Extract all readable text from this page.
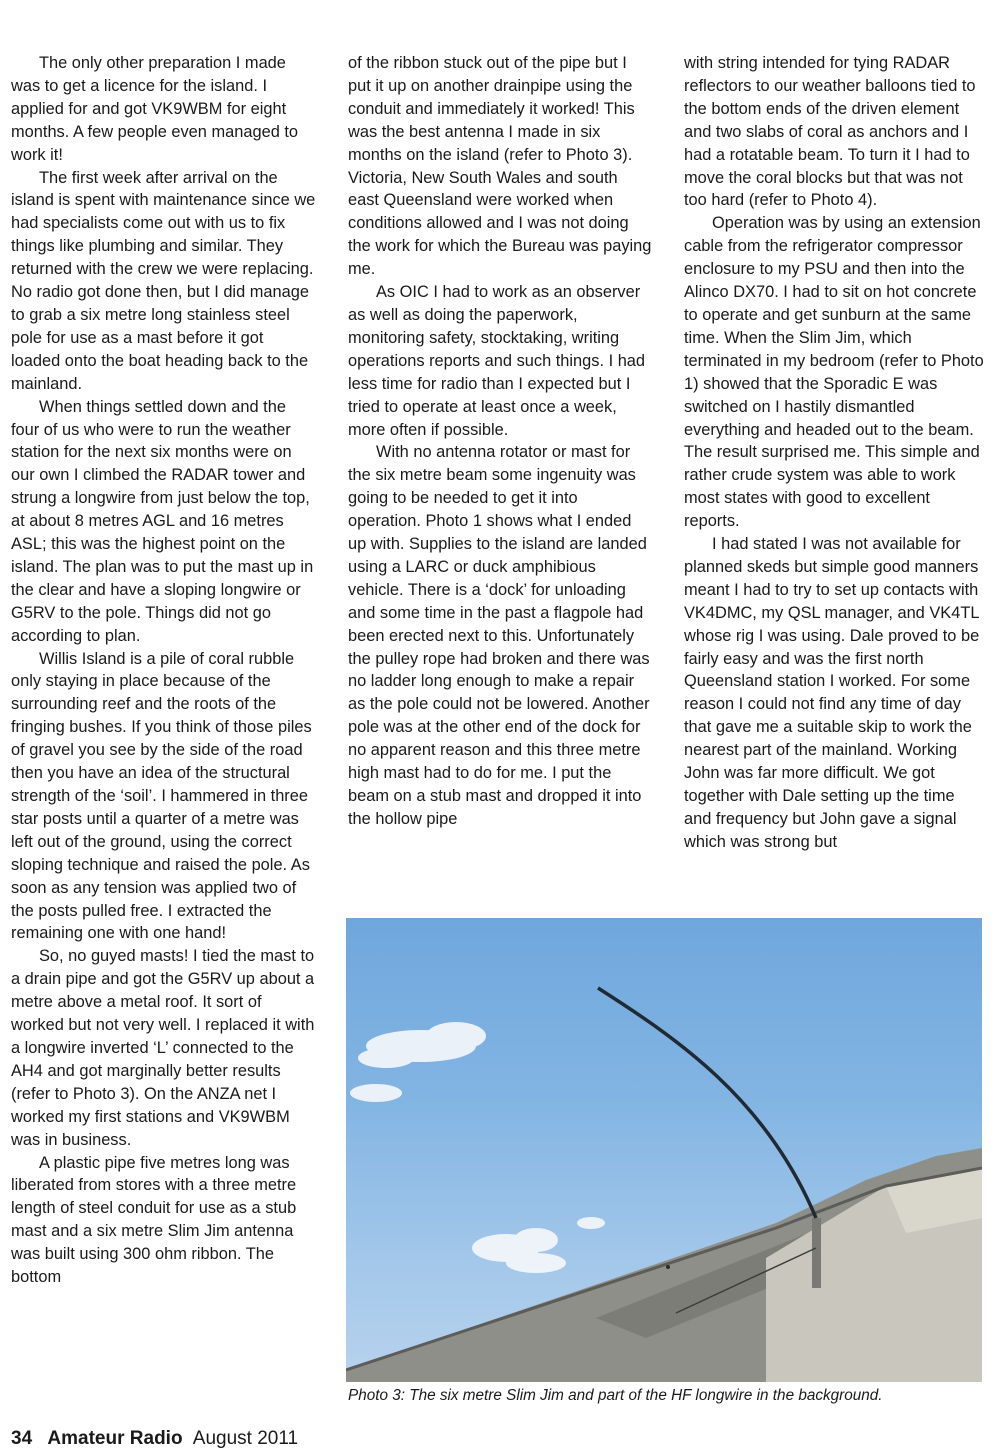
The only other preparation I made was to get a licence for the island. I applied for and got VK9WBM for eight months. A few people even managed to work it!

The first week after arrival on the island is spent with maintenance since we had specialists come out with us to fix things like plumbing and similar. They returned with the crew we were replacing. No radio got done then, but I did manage to grab a six metre long stainless steel pole for use as a mast before it got loaded onto the boat heading back to the mainland.

When things settled down and the four of us who were to run the weather station for the next six months were on our own I climbed the RADAR tower and strung a longwire from just below the top, at about 8 metres AGL and 16 metres ASL; this was the highest point on the island. The plan was to put the mast up in the clear and have a sloping longwire or G5RV to the pole. Things did not go according to plan.

Willis Island is a pile of coral rubble only staying in place because of the surrounding reef and the roots of the fringing bushes. If you think of those piles of gravel you see by the side of the road then you have an idea of the structural strength of the ‘soil’. I hammered in three star posts until a quarter of a metre was left out of the ground, using the correct sloping technique and raised the pole. As soon as any tension was applied two of the posts pulled free. I extracted the remaining one with one hand!

So, no guyed masts! I tied the mast to a drain pipe and got the G5RV up about a metre above a metal roof. It sort of worked but not very well. I replaced it with a longwire inverted ‘L’ connected to the AH4 and got marginally better results (refer to Photo 3). On the ANZA net I worked my first stations and VK9WBM was in business.

A plastic pipe five metres long was liberated from stores with a three metre length of steel conduit for use as a stub mast and a six metre Slim Jim antenna was built using 300 ohm ribbon. The bottom

of the ribbon stuck out of the pipe but I put it up on another drainpipe using the conduit and immediately it worked! This was the best antenna I made in six months on the island (refer to Photo 3). Victoria, New South Wales and south east Queensland were worked when conditions allowed and I was not doing the work for which the Bureau was paying me.

As OIC I had to work as an observer as well as doing the paperwork, monitoring safety, stocktaking, writing operations reports and such things. I had less time for radio than I expected but I tried to operate at least once a week, more often if possible.

With no antenna rotator or mast for the six metre beam some ingenuity was going to be needed to get it into operation. Photo 1 shows what I ended up with. Supplies to the island are landed using a LARC or duck amphibious vehicle. There is a ‘dock’ for unloading and some time in the past a flagpole had been erected next to this. Unfortunately the pulley rope had broken and there was no ladder long enough to make a repair as the pole could not be lowered. Another pole was at the other end of the dock for no apparent reason and this three metre high mast had to do for me. I put the beam on a stub mast and dropped it into the hollow pipe

with string intended for tying RADAR reflectors to our weather balloons tied to the bottom ends of the driven element and two slabs of coral as anchors and I had a rotatable beam. To turn it I had to move the coral blocks but that was not too hard (refer to Photo 4).

Operation was by using an extension cable from the refrigerator compressor enclosure to my PSU and then into the Alinco DX70. I had to sit on hot concrete to operate and get sunburn at the same time. When the Slim Jim, which terminated in my bedroom (refer to Photo 1) showed that the Sporadic E was switched on I hastily dismantled everything and headed out to the beam. The result surprised me. This simple and rather crude system was able to work most states with good to excellent reports.

I had stated I was not available for planned skeds but simple good manners meant I had to try to set up contacts with VK4DMC, my QSL manager, and VK4TL whose rig I was using. Dale proved to be fairly easy and was the first north Queensland station I worked. For some reason I could not find any time of day that gave me a suitable skip to work the nearest part of the mainland. Working John was far more difficult. We got together with Dale setting up the time and frequency but John gave a signal which was strong but

Photo 3: The six metre Slim Jim and part of the HF longwire in the background.
34 Amateur Radio August 2011
